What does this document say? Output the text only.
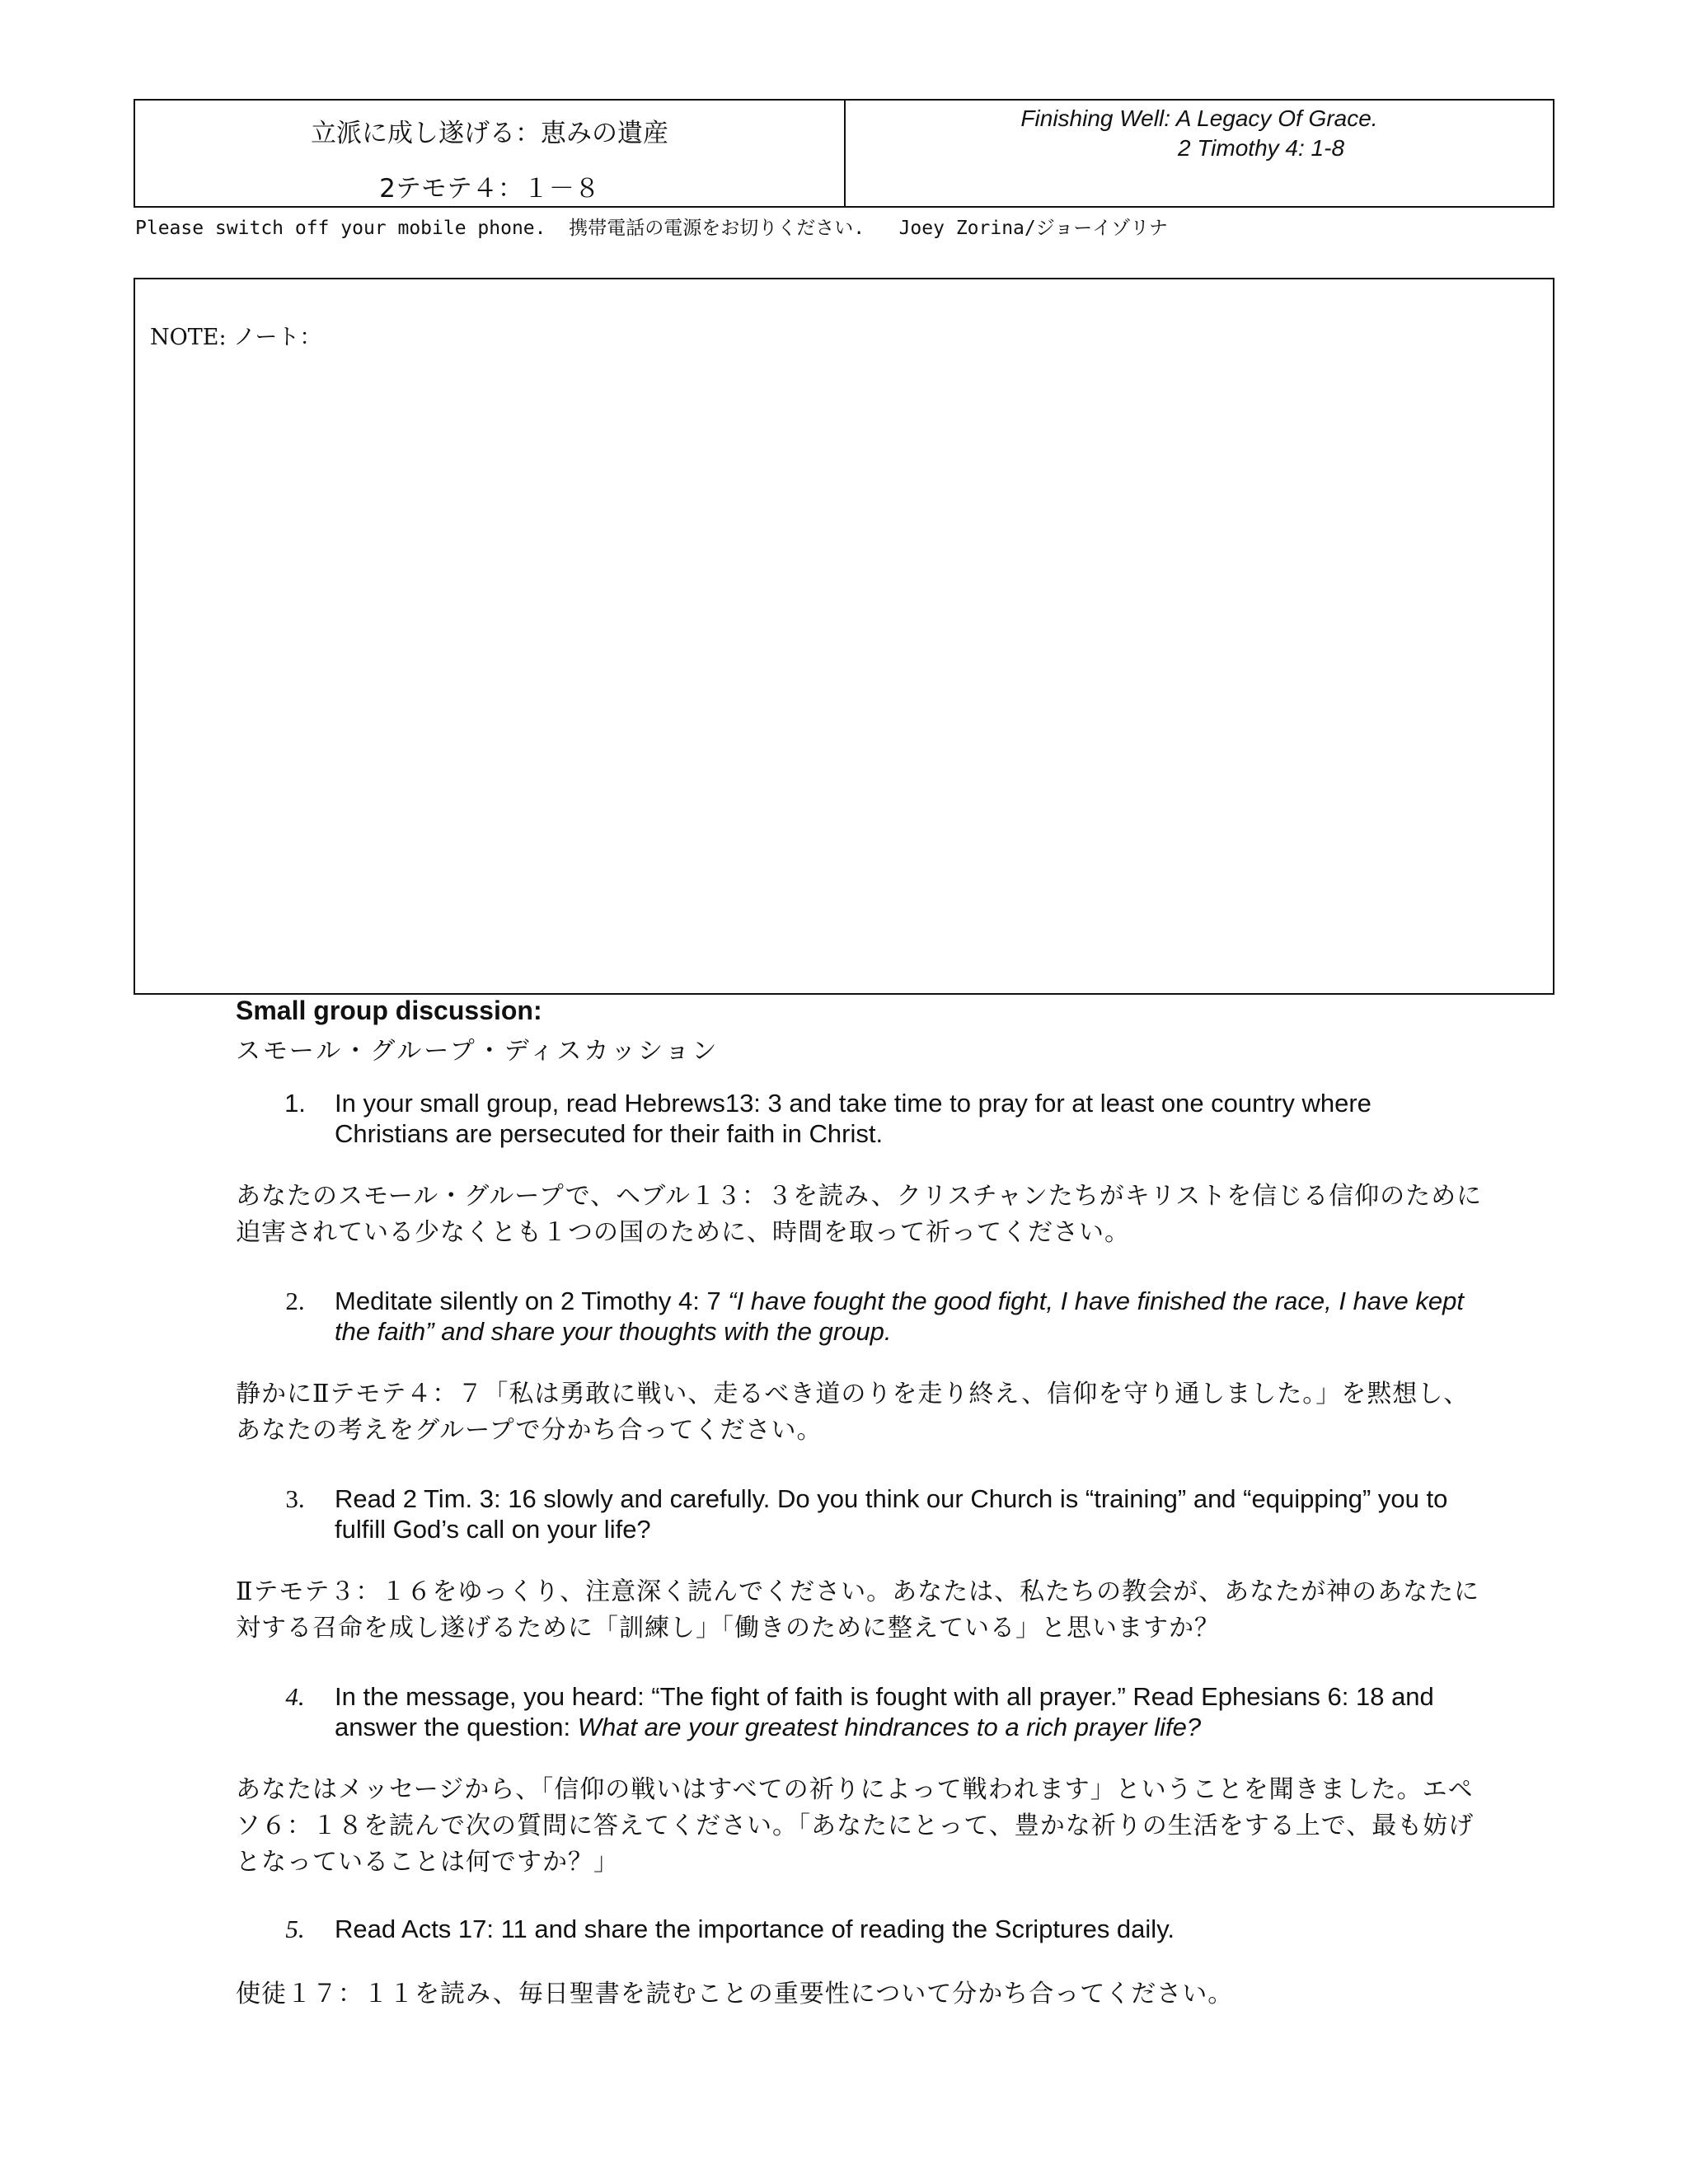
立派に成し遂げる：恵みの遺産
2テモテ４：１－８
Finishing Well: A Legacy Of Grace.
2 Timothy 4: 1-8
Please switch off your mobile phone.  携帯電話の電源をお切りください.   Joey Zorina/ジョーイゾリナ
NOTE: ノート：
Small group discussion:
スモール・グループ・ディスカッション
1. In your small group, read Hebrews13: 3 and take time to pray for at least one country where Christians are persecuted for their faith in Christ.
あなたのスモール・グループで、ヘブル１３：３を読み、クリスチャンたちがキリストを信じる信仰のために迫害されている少なくとも１つの国のために、時間を取って祈ってください。
2. Meditate silently on 2 Timothy 4: 7 “I have fought the good fight, I have finished the race, I have kept the faith” and share your thoughts with the group.
静かにⅡテモテ４：７「私は勇敢に戦い、走るべき道のりを走り終え、信仰を守り通しました。」を黙想し、あなたの考えをグループで分かち合ってください。
3. Read 2 Tim. 3: 16 slowly and carefully. Do you think our Church is “training” and “equipping” you to fulfill God’s call on your life?
Ⅱテモテ３：１６をゆっくり、注意深く読んでください。あなたは、私たちの教会が、あなたが神のあなたに対する召命を成し遂げるために「訓練し」「働きのために整えている」と思いますか？
4. In the message, you heard: “The fight of faith is fought with all prayer.” Read Ephesians 6: 18 and answer the question: What are your greatest hindrances to a rich prayer life?
あなたはメッセージから、「信仰の戦いはすべての祈りによって戦われます」ということを聞きました。エペソ６：１８を読んで次の質問に答えてください。「あなたにとって、豊かな祈りの生活をする上で、最も妨げとなっていることは何ですか？」
5. Read Acts 17: 11 and share the importance of reading the Scriptures daily.
使徒１７：１１を読み、毎日聖書を読むことの重要性について分かち合ってください。
